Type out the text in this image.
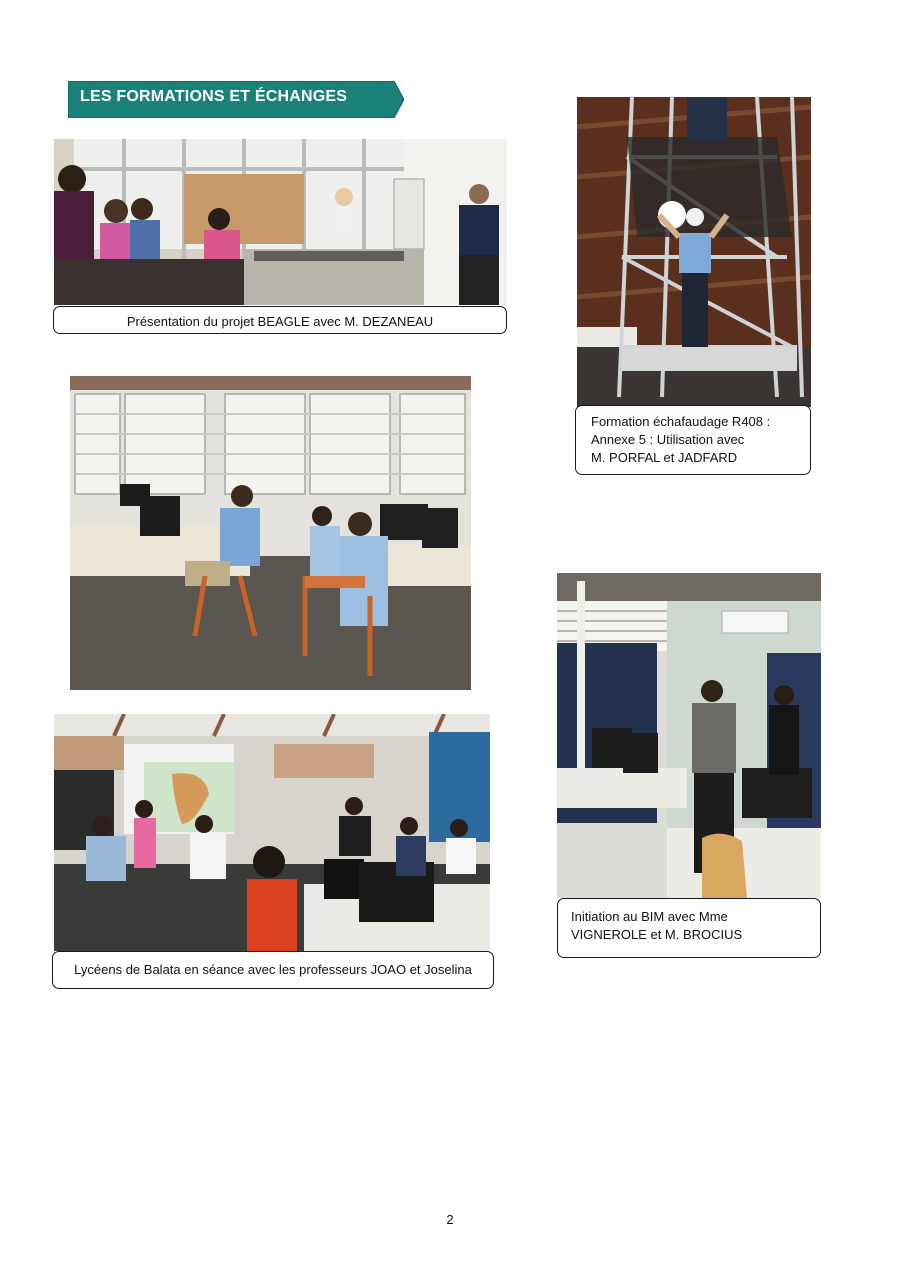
LES FORMATIONS ET ÉCHANGES
Présentation du projet BEAGLE avec M. DEZANEAU
Formation échafaudage R408 :
Annexe 5 : Utilisation avec
M. PORFAL et JADFARD
Initiation au BIM avec Mme
VIGNEROLE et M. BROCIUS
Lycéens de Balata en séance avec les professeurs JOAO et Joselina
2
